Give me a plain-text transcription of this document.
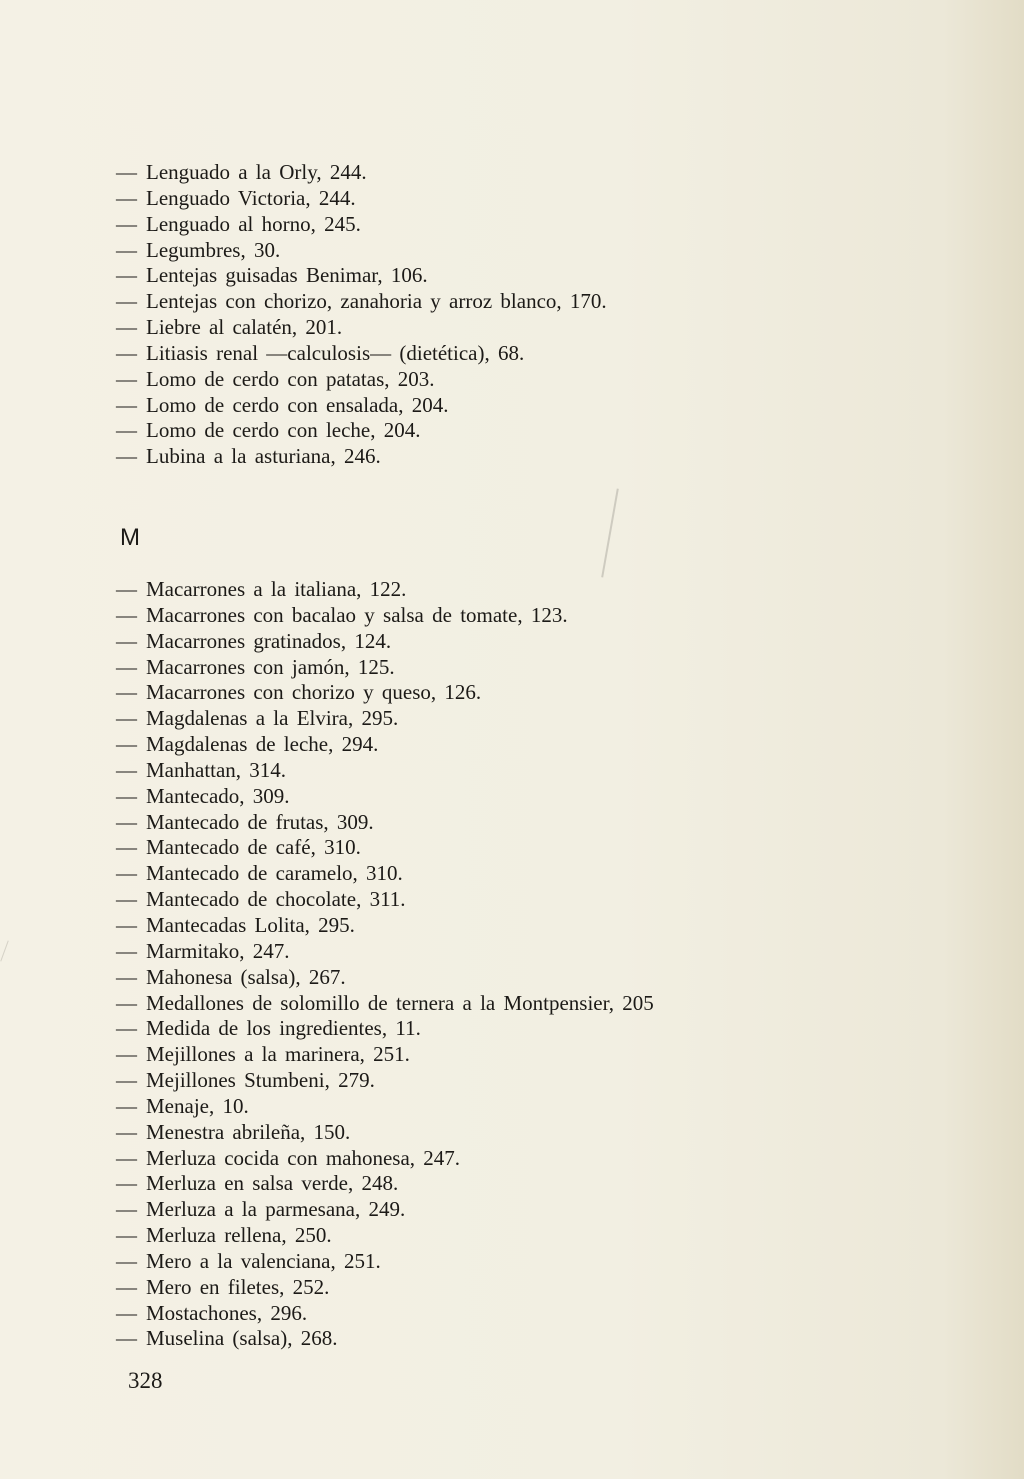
— Lenguado a la Orly, 244.
— Lenguado Victoria, 244.
— Lenguado al horno, 245.
— Legumbres, 30.
— Lentejas guisadas Benimar, 106.
— Lentejas con chorizo, zanahoria y arroz blanco, 170.
— Liebre al calatén, 201.
— Litiasis renal —calculosis— (dietética), 68.
— Lomo de cerdo con patatas, 203.
— Lomo de cerdo con ensalada, 204.
— Lomo de cerdo con leche, 204.
— Lubina a la asturiana, 246.
M
— Macarrones a la italiana, 122.
— Macarrones con bacalao y salsa de tomate, 123.
— Macarrones gratinados, 124.
— Macarrones con jamón, 125.
— Macarrones con chorizo y queso, 126.
— Magdalenas a la Elvira, 295.
— Magdalenas de leche, 294.
— Manhattan, 314.
— Mantecado, 309.
— Mantecado de frutas, 309.
— Mantecado de café, 310.
— Mantecado de caramelo, 310.
— Mantecado de chocolate, 311.
— Mantecadas Lolita, 295.
— Marmitako, 247.
— Mahonesa (salsa), 267.
— Medallones de solomillo de ternera a la Montpensier, 205
— Medida de los ingredientes, 11.
— Mejillones a la marinera, 251.
— Mejillones Stumbeni, 279.
— Menaje, 10.
— Menestra abrileña, 150.
— Merluza cocida con mahonesa, 247.
— Merluza en salsa verde, 248.
— Merluza a la parmesana, 249.
— Merluza rellena, 250.
— Mero a la valenciana, 251.
— Mero en filetes, 252.
— Mostachones, 296.
— Muselina (salsa), 268.
328
